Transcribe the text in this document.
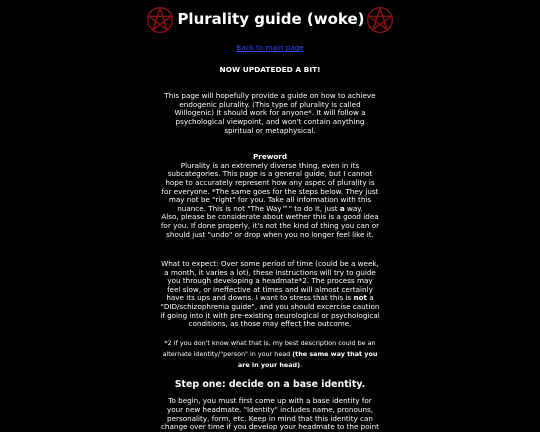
Plurality guide (woke)
Back to main page
NOW UPDATEDED A BIT!
This page will hopefully provide a guide on how to achieve endogenic plurality. (This type of plurality is called Willogenic) It should work for anyone*. It will follow a psychological viewpoint, and won't contain anything spiritual or metaphysical.
Preword
Plurality is an extremely diverse thing, even in its subcategories. This page is a general guide, but I cannot hope to accurately represent how any aspec of plurality is for everyone. *The same goes for the steps below. They just may not be "right" for you. Take all information with this nuance. This is not "The Way™" to do it, just a way.
Also, please be considerate about wether this is a good idea for you. If done properly, it's not the kind of thing you can or should just "undo" or drop when you no longer feel like it.
What to expect: Over some period of time (could be a week, a month, it varies a lot), these instructions will try to guide you through developing a headmate*2. The process may feel slow, or ineffective at times and will almost certainly have its ups and downs. I want to stress that this is not a "DID/schizophrenia guide", and you should excercise caution if going into it with pre-existing neurological or psychological conditions, as those may effect the outcome.
*2 If you don't know what that is, my best description could be an alternate identity/"person" in your head (the same way that you are in your head).
Step one: decide on a base identity.
To begin, you must first come up with a base identity for your new headmate. "Identity" includes name, pronouns, personality, form, etc. Keep in mind that this identity can change over time if you develop your headmate to the point
